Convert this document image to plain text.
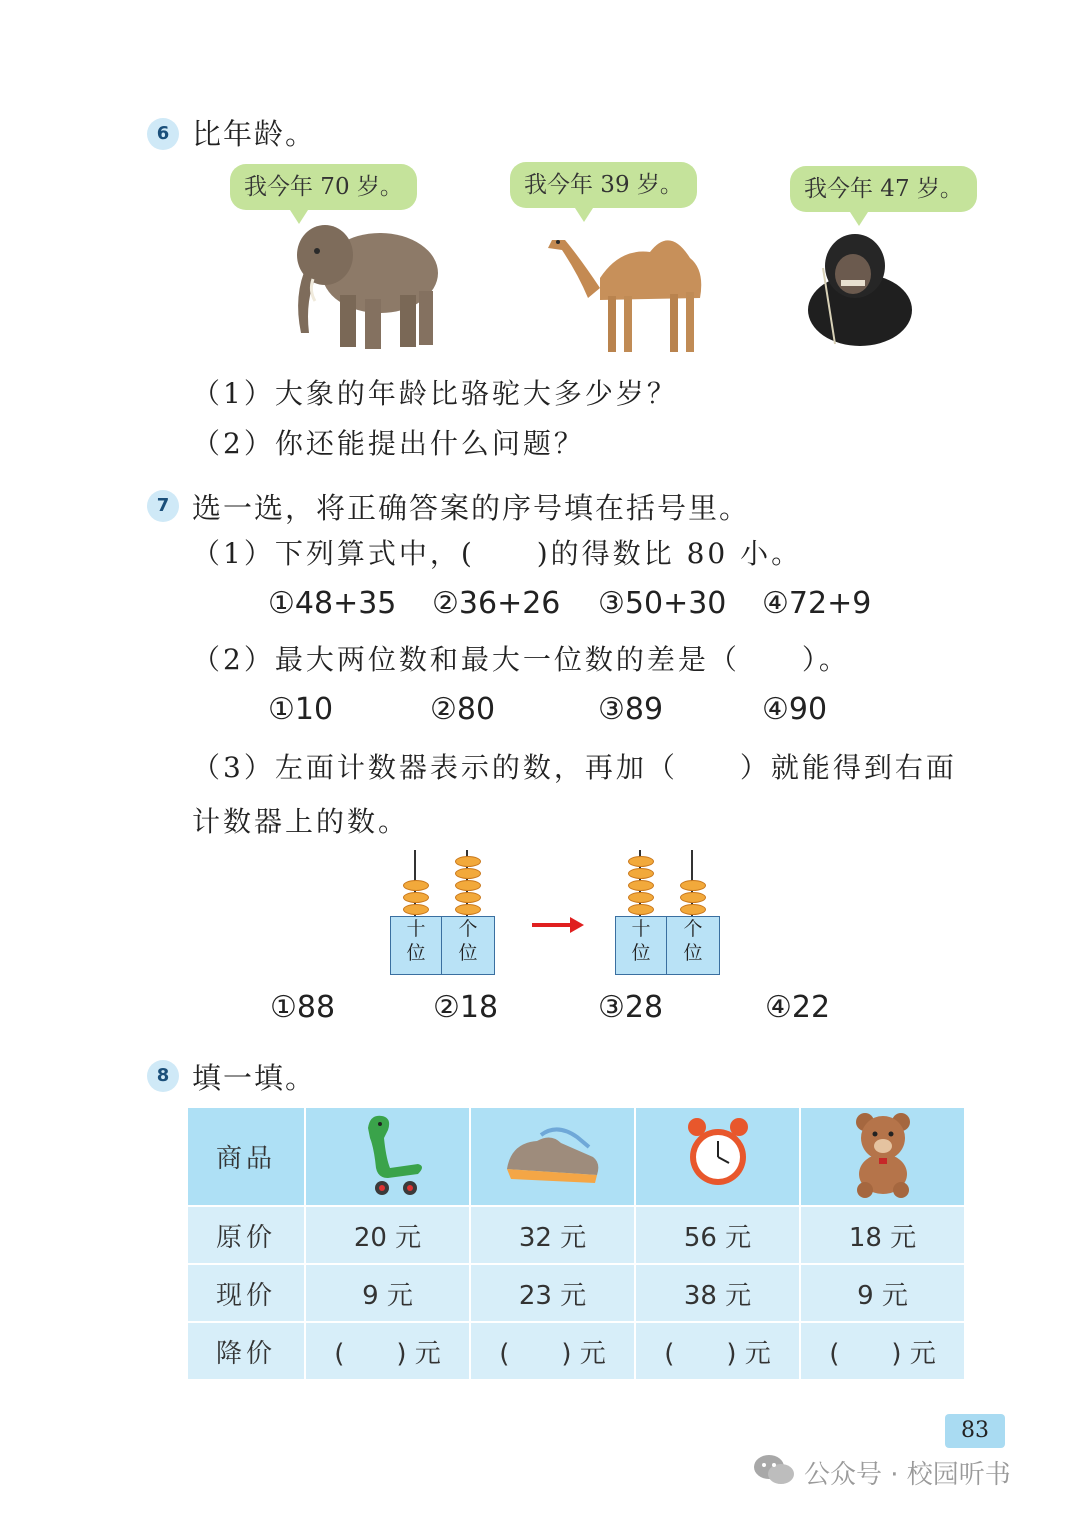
6 比年龄。
我今年 70 岁。	我今年 39 岁。	我今年 47 岁。
（1）大象的年龄比骆驼大多少岁？
（2）你还能提出什么问题？
7 选一选，将正确答案的序号填在括号里。
（1）下列算式中，(　　)的得数比 80 小。
①48+35 ②36+26 ③50+30 ④72+9
（2）最大两位数和最大一位数的差是（　　）。
①10	②80	③89	④90
（3）左面计数器表示的数，再加（　　）就能得到右面
计数器上的数。
十
位
个
位
十
位
个
位
①88	②18	③28	④22
8 填一填。
商品				
原价	20 元	32 元	56 元	18 元
现价	9 元	23 元	38 元	9 元
降价	(　　) 元	(　　) 元	(　　) 元	(　　) 元
83
公众号 · 校园听书
